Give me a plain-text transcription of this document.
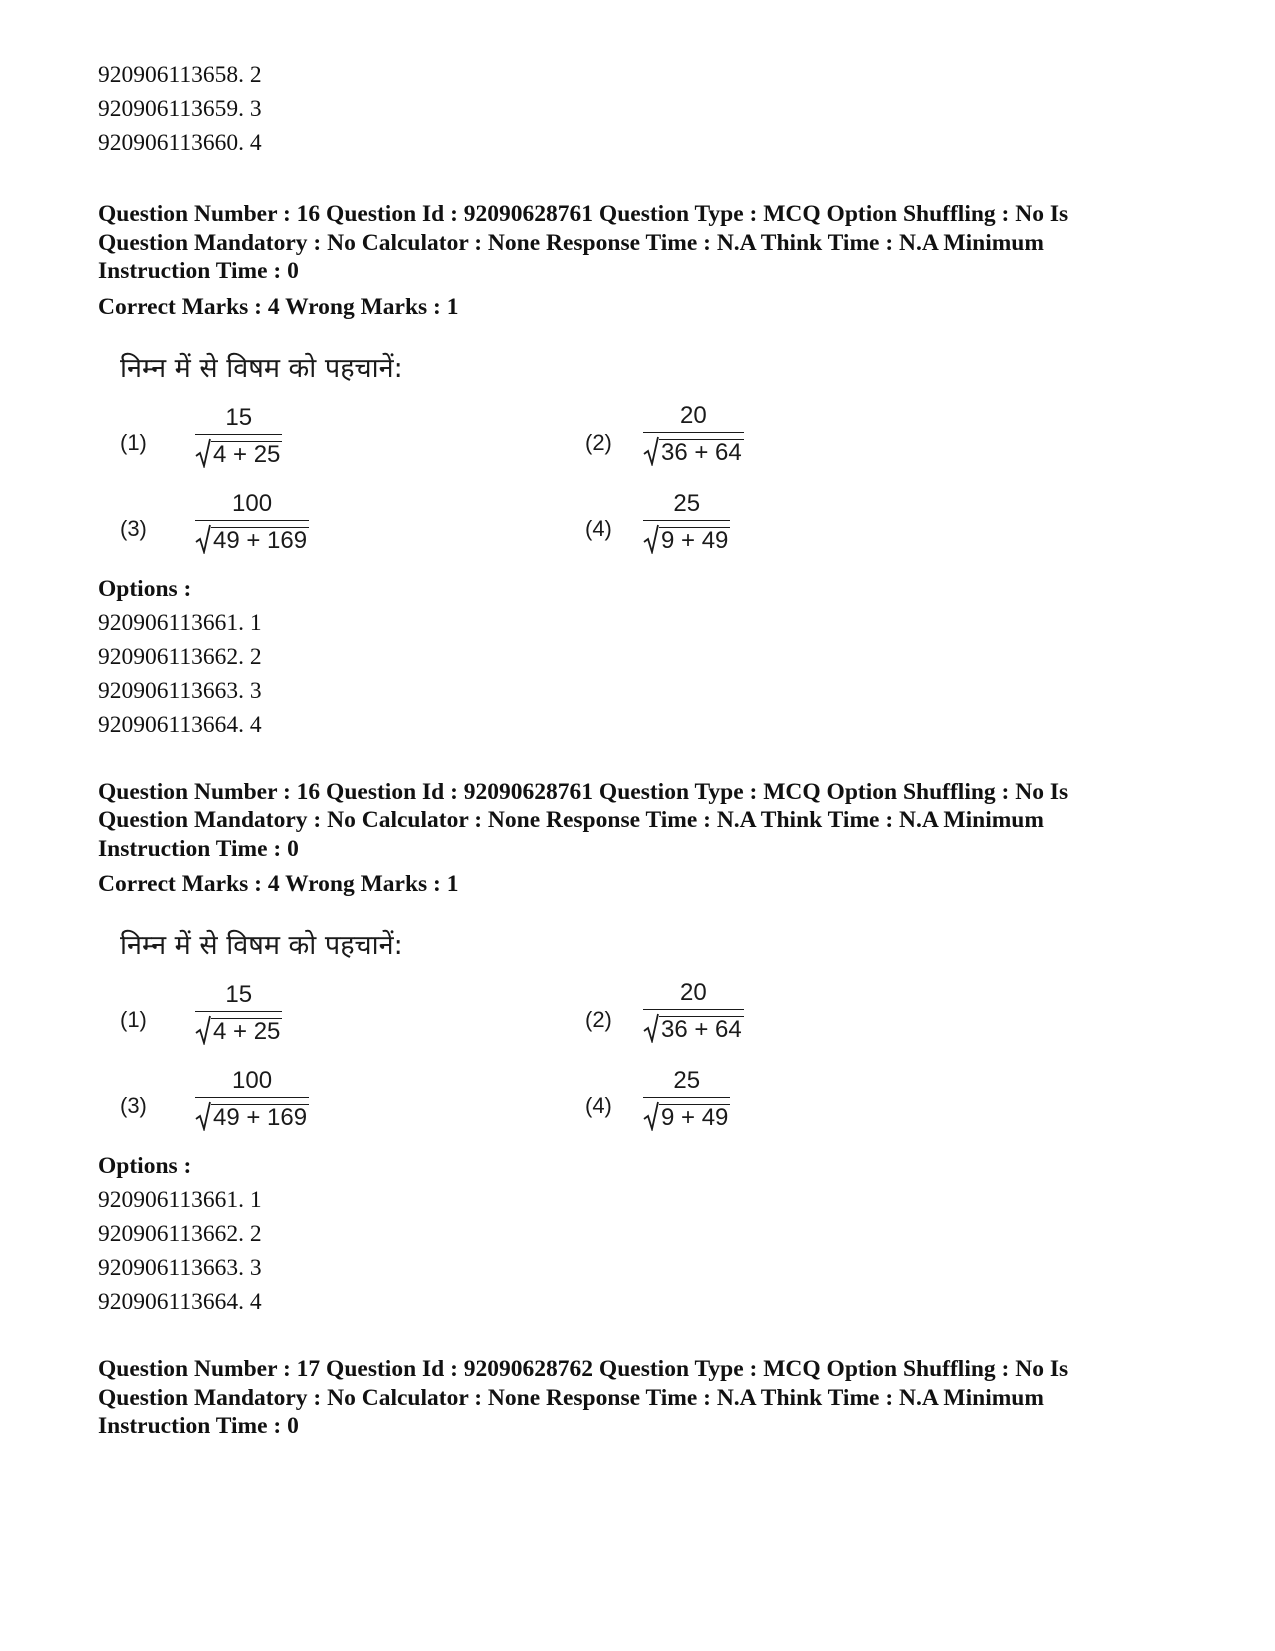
920906113658. 2
920906113659. 3
920906113660. 4
Question Number : 16 Question Id : 92090628761 Question Type : MCQ Option Shuffling : No Is
Question Mandatory : No Calculator : None Response Time : N.A Think Time : N.A Minimum
Instruction Time : 0
Correct Marks : 4 Wrong Marks : 1
निम्न में से विषम को पहचानें:
$(1) \frac{15}{4 + 25}$	$(2) \frac{20}{36 + 64}$
$(3) \frac{100}{49 + 169}$	$(4) \frac{25}{9 + 49}$
Options :
920906113661. 1
920906113662. 2
920906113663. 3
920906113664. 4
Question Number : 16 Question Id : 92090628761 Question Type : MCQ Option Shuffling : No Is
Question Mandatory : No Calculator : None Response Time : N.A Think Time : N.A Minimum
Instruction Time : 0
Correct Marks : 4 Wrong Marks : 1
निम्न में से विषम को पहचानें:
$(1) \frac{15}{4 + 25}$	$(2) \frac{20}{36 + 64}$
$(3) \frac{100}{49 + 169}$	$(4) \frac{25}{9 + 49}$
Options :
920906113661. 1
920906113662. 2
920906113663. 3
920906113664. 4
Question Number : 17 Question Id : 92090628762 Question Type : MCQ Option Shuffling : No Is
Question Mandatory : No Calculator : None Response Time : N.A Think Time : N.A Minimum
Instruction Time : 0
